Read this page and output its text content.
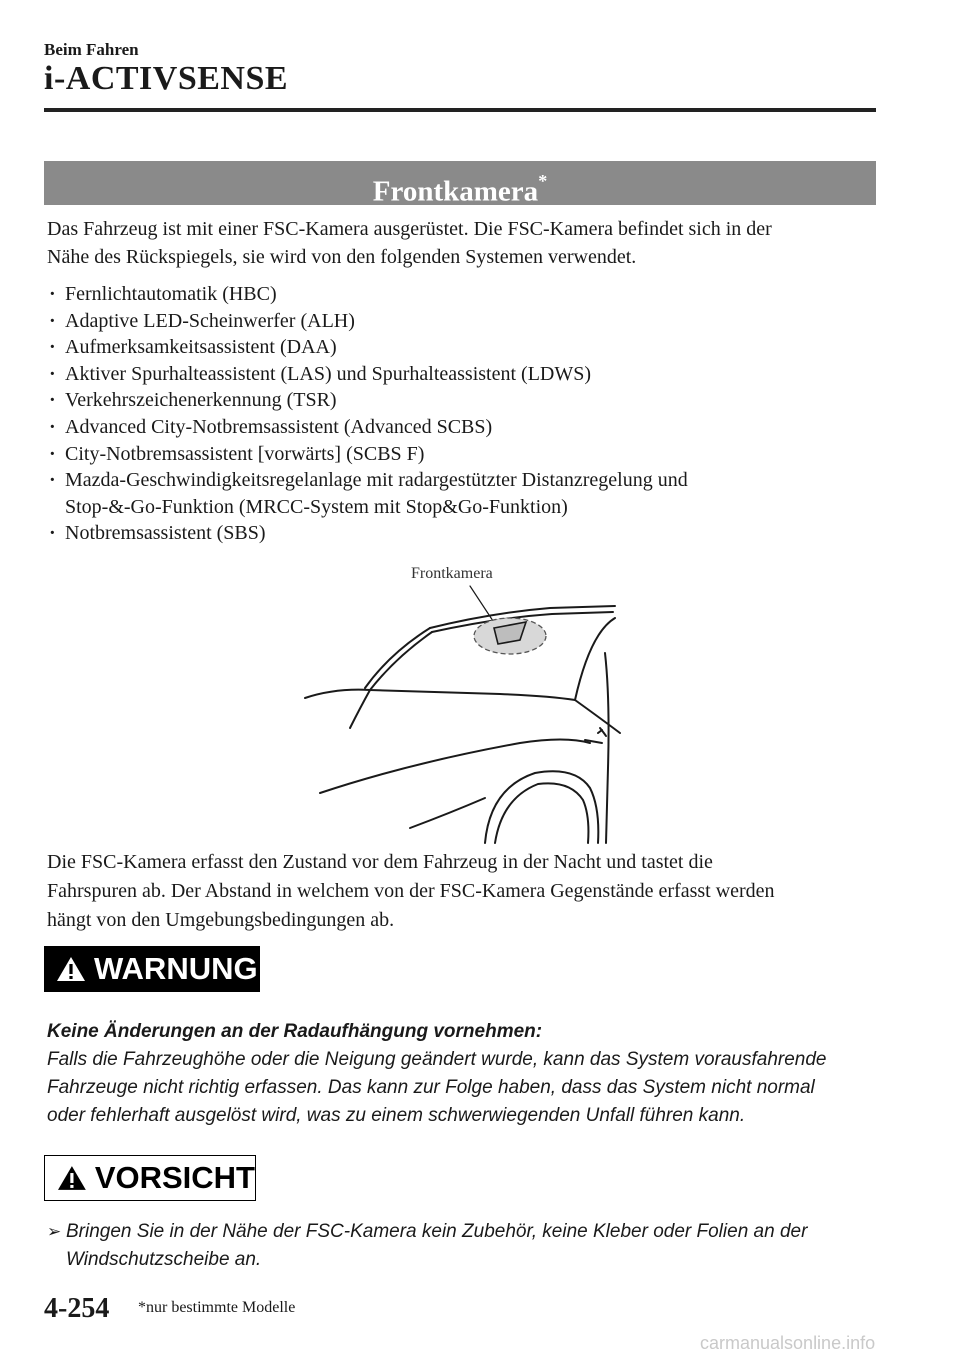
Beim Fahren
i-ACTIVSENSE
Frontkamera*
Das Fahrzeug ist mit einer FSC-Kamera ausgerüstet. Die FSC-Kamera befindet sich in der
Nähe des Rückspiegels, sie wird von den folgenden Systemen verwendet.
· Fernlichtautomatik (HBC)
· Adaptive LED-Scheinwerfer (ALH)
· Aufmerksamkeitsassistent (DAA)
· Aktiver Spurhalteassistent (LAS) und Spurhalteassistent (LDWS)
· Verkehrszeichenerkennung (TSR)
· Advanced City-Notbremsassistent (Advanced SCBS)
· City-Notbremsassistent [vorwärts] (SCBS F)
· Mazda-Geschwindigkeitsregelanlage mit radargestützter Distanzregelung und
Stop-&-Go-Funktion (MRCC-System mit Stop&Go-Funktion)
· Notbremsassistent (SBS)
Frontkamera
Die FSC-Kamera erfasst den Zustand vor dem Fahrzeug in der Nacht und tastet die
Fahrspuren ab. Der Abstand in welchem von der FSC-Kamera Gegenstände erfasst werden
hängt von den Umgebungsbedingungen ab.
WARNUNG
Keine Änderungen an der Radaufhängung vornehmen:
Falls die Fahrzeughöhe oder die Neigung geändert wurde, kann das System vorausfahrende
Fahrzeuge nicht richtig erfassen. Das kann zur Folge haben, dass das System nicht normal
oder fehlerhaft ausgelöst wird, was zu einem schwerwiegenden Unfall führen kann.
VORSICHT
➢ Bringen Sie in der Nähe der FSC-Kamera kein Zubehör, keine Kleber oder Folien an der
Windschutzscheibe an.
4-254 *nur bestimmte Modelle
carmanualsonline.info
